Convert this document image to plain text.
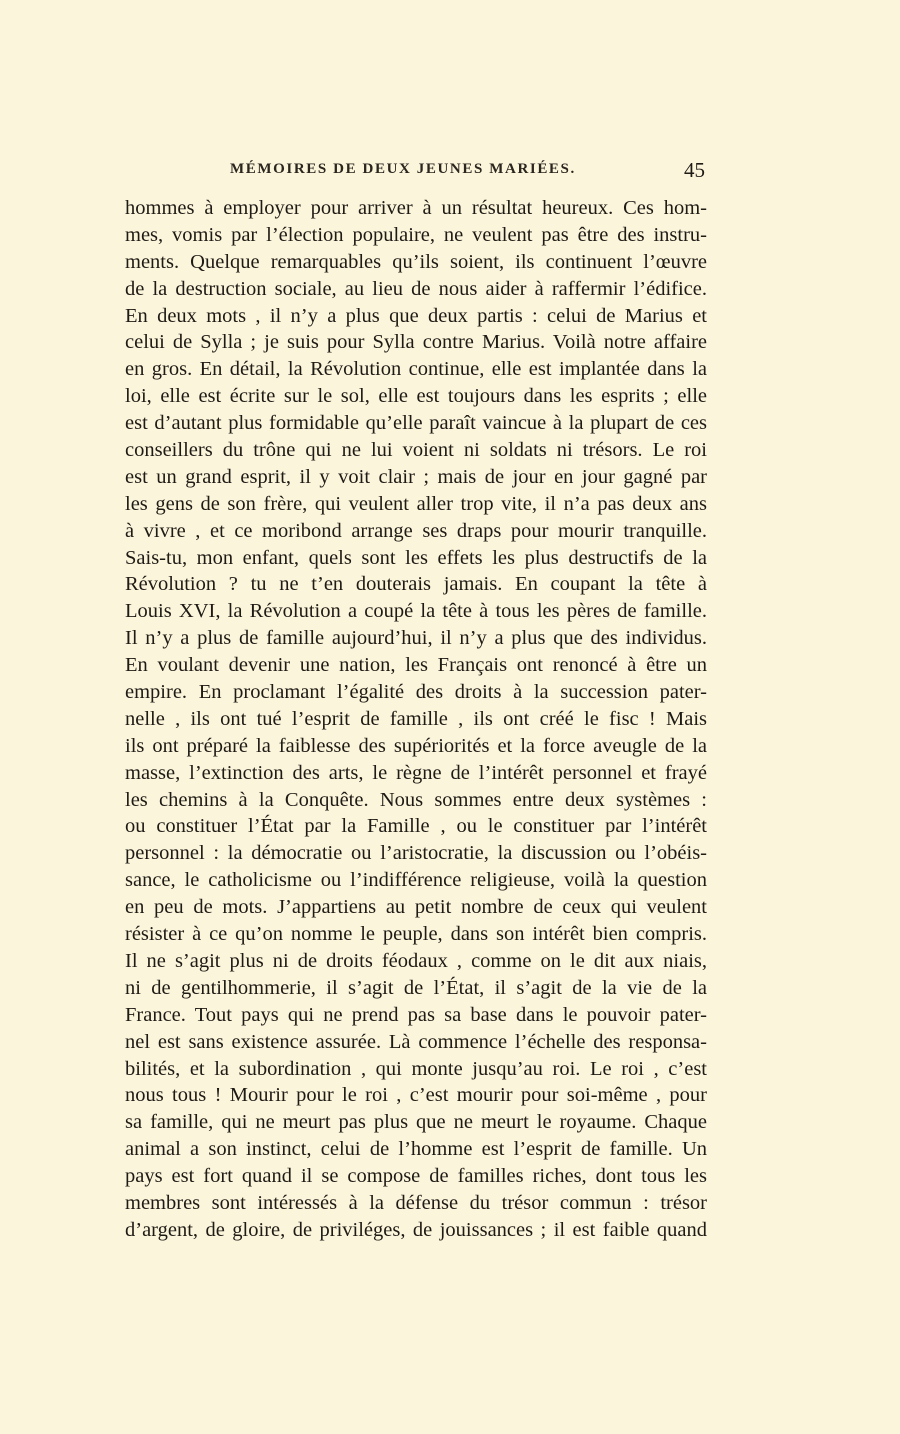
MÉMOIRES DE DEUX JEUNES MARIÉES.	45
hommes à employer pour arriver à un résultat heureux. Ces hom-
mes, vomis par l’élection populaire, ne veulent pas être des instru-
ments. Quelque remarquables qu’ils soient, ils continuent l’œuvre
de la destruction sociale, au lieu de nous aider à raffermir l’édifice.
En deux mots , il n’y a plus que deux partis : celui de Marius et
celui de Sylla ; je suis pour Sylla contre Marius. Voilà notre affaire
en gros. En détail, la Révolution continue, elle est implantée dans la
loi, elle est écrite sur le sol, elle est toujours dans les esprits ; elle
est d’autant plus formidable qu’elle paraît vaincue à la plupart de ces
conseillers du trône qui ne lui voient ni soldats ni trésors. Le roi
est un grand esprit, il y voit clair ; mais de jour en jour gagné par
les gens de son frère, qui veulent aller trop vite, il n’a pas deux ans
à vivre , et ce moribond arrange ses draps pour mourir tranquille.
Sais-tu, mon enfant, quels sont les effets les plus destructifs de la
Révolution ? tu ne t’en douterais jamais. En coupant la tête à
Louis XVI, la Révolution a coupé la tête à tous les pères de famille.
Il n’y a plus de famille aujourd’hui, il n’y a plus que des individus.
En voulant devenir une nation, les Français ont renoncé à être un
empire. En proclamant l’égalité des droits à la succession pater-
nelle , ils ont tué l’esprit de famille , ils ont créé le fisc ! Mais
ils ont préparé la faiblesse des supériorités et la force aveugle de la
masse, l’extinction des arts, le règne de l’intérêt personnel et frayé
les chemins à la Conquête. Nous sommes entre deux systèmes :
ou constituer l’État par la Famille , ou le constituer par l’intérêt
personnel : la démocratie ou l’aristocratie, la discussion ou l’obéis-
sance, le catholicisme ou l’indifférence religieuse, voilà la question
en peu de mots. J’appartiens au petit nombre de ceux qui veulent
résister à ce qu’on nomme le peuple, dans son intérêt bien compris.
Il ne s’agit plus ni de droits féodaux , comme on le dit aux niais,
ni de gentilhommerie, il s’agit de l’État, il s’agit de la vie de la
France. Tout pays qui ne prend pas sa base dans le pouvoir pater-
nel est sans existence assurée. Là commence l’échelle des responsa-
bilités, et la subordination , qui monte jusqu’au roi. Le roi , c’est
nous tous ! Mourir pour le roi , c’est mourir pour soi-même , pour
sa famille, qui ne meurt pas plus que ne meurt le royaume. Chaque
animal a son instinct, celui de l’homme est l’esprit de famille. Un
pays est fort quand il se compose de familles riches, dont tous les
membres sont intéressés à la défense du trésor commun : trésor
d’argent, de gloire, de priviléges, de jouissances ; il est faible quand
